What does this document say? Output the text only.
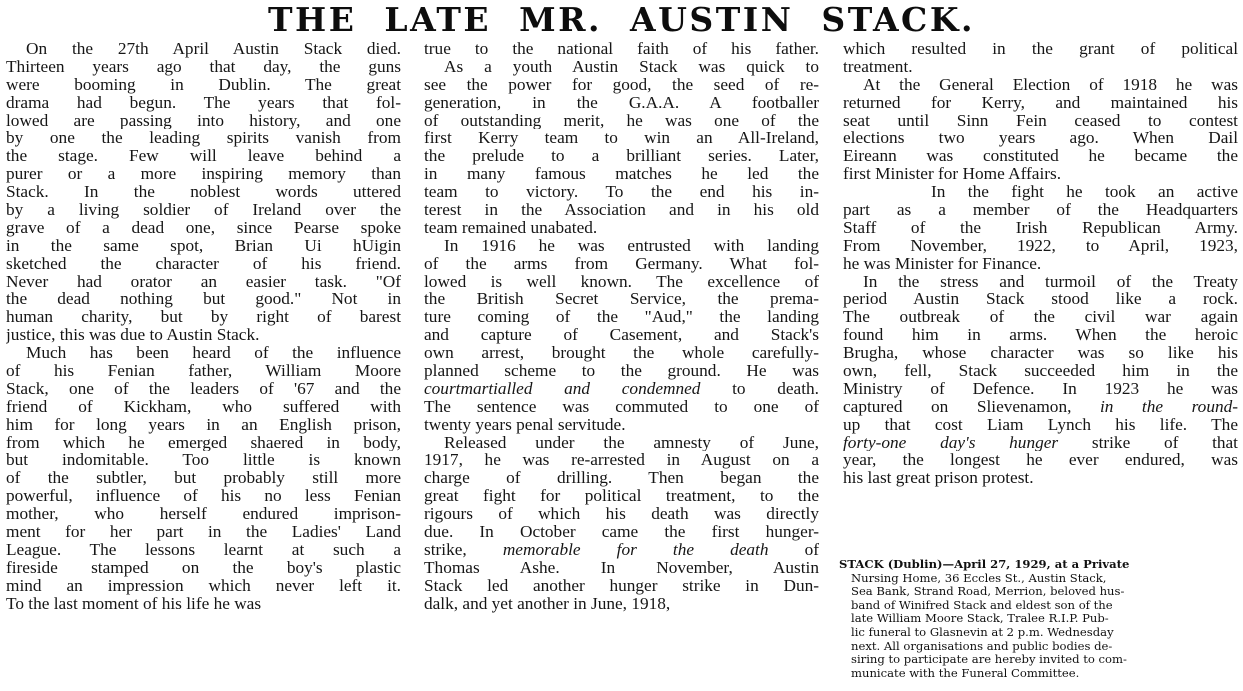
THE LATE MR. AUSTIN STACK.
On the 27th April Austin Stack died.
Thirteen years ago that day, the guns
were booming in Dublin. The great
drama had begun. The years that fol-
lowed are passing into history, and one
by one the leading spirits vanish from
the stage. Few will leave behind a
purer or a more inspiring memory than
Stack. In the noblest words uttered
by a living soldier of Ireland over the
grave of a dead one, since Pearse spoke
in the same spot, Brian Ui hUigin
sketched the character of his friend.
Never had orator an easier task. "Of
the dead nothing but good." Not in
human charity, but by right of barest
justice, this was due to Austin Stack.
Much has been heard of the influence
of his Fenian father, William Moore
Stack, one of the leaders of '67 and the
friend of Kickham, who suffered with
him for long years in an English prison,
from which he emerged shaered in body,
but indomitable. Too little is known
of the subtler, but probably still more
powerful, influence of his no less Fenian
mother, who herself endured imprison-
ment for her part in the Ladies' Land
League. The lessons learnt at such a
fireside stamped on the boy's plastic
mind an impression which never left it.
To the last moment of his life he was
true to the national faith of his father.
As a youth Austin Stack was quick to
see the power for good, the seed of re-
generation, in the G.A.A. A footballer
of outstanding merit, he was one of the
first Kerry team to win an All-Ireland,
the prelude to a brilliant series. Later,
in many famous matches he led the
team to victory. To the end his in-
terest in the Association and in his old
team remained unabated.
In 1916 he was entrusted with landing
of the arms from Germany. What fol-
lowed is well known. The excellence of
the British Secret Service, the prema-
ture coming of the "Aud," the landing
and capture of Casement, and Stack's
own arrest, brought the whole carefully-
planned scheme to the ground. He was
courtmartialled and condemned to death.
The sentence was commuted to one of
twenty years penal servitude.
Released under the amnesty of June,
1917, he was re-arrested in August on a
charge of drilling. Then began the
great fight for political treatment, to the
rigours of which his death was directly
due. In October came the first hunger-
strike, memorable for the death of
Thomas Ashe. In November, Austin
Stack led another hunger strike in Dun-
dalk, and yet another in June, 1918,
which resulted in the grant of political
treatment.
At the General Election of 1918 he was
returned for Kerry, and maintained his
seat until Sinn Fein ceased to contest
elections two years ago. When Dail
Eireann was constituted he became the
first Minister for Home Affairs.
In the fight he took an active
part as a member of the Headquarters
Staff of the Irish Republican Army.
From November, 1922, to April, 1923,
he was Minister for Finance.
In the stress and turmoil of the Treaty
period Austin Stack stood like a rock.
The outbreak of the civil war again
found him in arms. When the heroic
Brugha, whose character was so like his
own, fell, Stack succeeded him in the
Ministry of Defence. In 1923 he was
captured on Slievenamon, in the round-
up that cost Liam Lynch his life. The
forty-one day's hunger strike of that
year, the longest he ever endured, was
his last great prison protest.
STACK (Dublin)—April 27, 1929, at a Private
Nursing Home, 36 Eccles St., Austin Stack,
Sea Bank, Strand Road, Merrion, beloved hus-
band of Winifred Stack and eldest son of the
late William Moore Stack, Tralee R.I.P. Pub-
lic funeral to Glasnevin at 2 p.m. Wednesday
next. All organisations and public bodies de-
siring to participate are hereby invited to com-
municate with the Funeral Committee.
